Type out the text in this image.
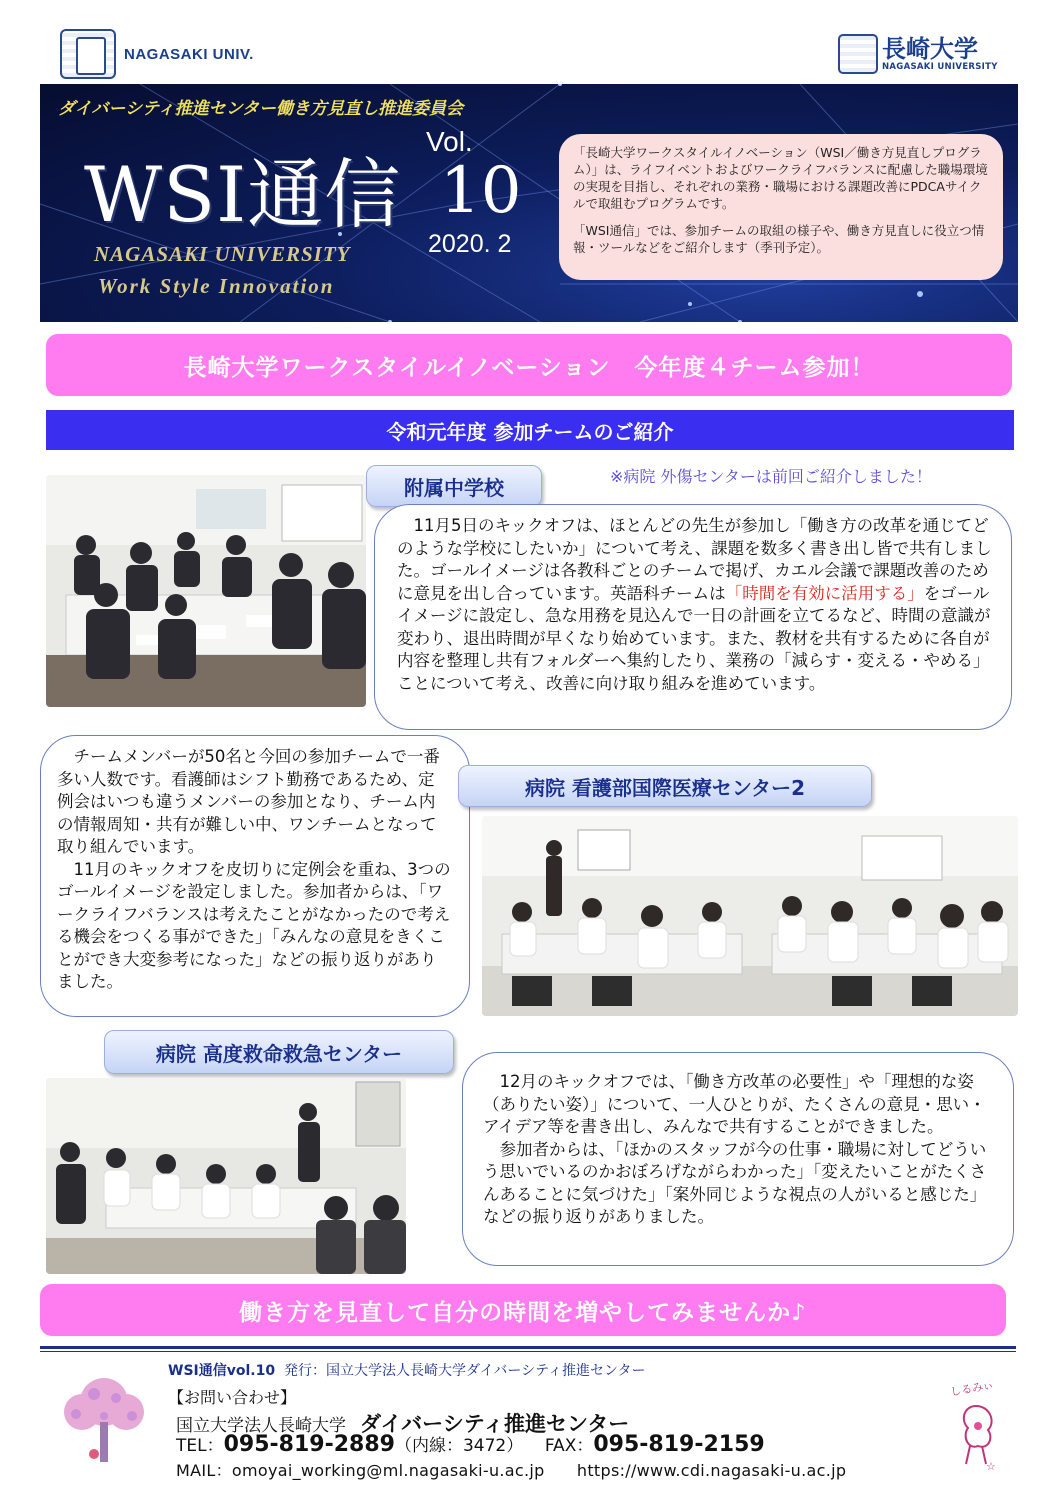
NAGASAKI UNIV.	長崎大学
NAGASAKI UNIVERSITY
ダイバーシティ推進センター働き方見直し推進委員会
WSI通信
Vol.
10
2020. 2
NAGASAKI UNIVERSITY
Work Style Innovation

「長崎大学ワークスタイルイノベーション（WSI／働き方見直しプログラム）」は、ライフイベントおよびワークライフバランスに配慮した職場環境の実現を目指し、それぞれの業務・職場における課題改善にPDCAサイクルで取組むプログラムです。

「WSI通信」では、参加チームの取組の様子や、働き方見直しに役立つ情報・ツールなどをご紹介します（季刊予定）。

長崎大学ワークスタイルイノベーション　今年度４チーム参加！
令和元年度 参加チームのご紹介
附属中学校	※病院 外傷センターは前回ご紹介しました！

11月5日のキックオフは、ほとんどの先生が参加し「働き方の改革を通じてどのような学校にしたいか」について考え、課題を数多く書き出し皆で共有しました。ゴールイメージは各教科ごとのチームで掲げ、カエル会議で課題改善のために意見を出し合っています。英語科チームは「時間を有効に活用する」をゴールイメージに設定し、急な用務を見込んで一日の計画を立てるなど、時間の意識が変わり、退出時間が早くなり始めています。また、教材を共有するために各自が内容を整理し共有フォルダーへ集約したり、業務の「減らす・変える・やめる」ことについて考え、改善に向け取り組みを進めています。

チームメンバーが50名と今回の参加チームで一番多い人数です。看護師はシフト勤務であるため、定例会はいつも違うメンバーの参加となり、チーム内の情報周知・共有が難しい中、ワンチームとなって取り組んでいます。

11月のキックオフを皮切りに定例会を重ね、3つのゴールイメージを設定しました。参加者からは、「ワークライフバランスは考えたことがなかったので考える機会をつくる事ができた」「みんなの意見をきくことができ大変参考になった」などの振り返りがありました。

病院 看護部国際医療センター2
病院 高度救命救急センター

12月のキックオフでは、「働き方改革の必要性」や「理想的な姿（ありたい姿）」について、一人ひとりが、たくさんの意見・思い・アイデア等を書き出し、みんなで共有することができました。

参加者からは、「ほかのスタッフが今の仕事・職場に対してどういう思いでいるのかおぼろげながらわかった」「変えたいことがたくさんあることに気づけた」「案外同じような視点の人がいると感じた」などの振り返りがありました。

働き方を見直して自分の時間を増やしてみませんか♪
WSI通信vol.10 発行：国立大学法人長崎大学ダイバーシティ推進センター
【お問い合わせ】
国立大学法人長崎大学 ダイバーシティ推進センター
TEL：095-819-2889（内線：3472） FAX：095-819-2159
MAIL：omoyai_working@ml.nagasaki-u.ac.jp https://www.cdi.nagasaki-u.ac.jp
しるみぃ
☆
